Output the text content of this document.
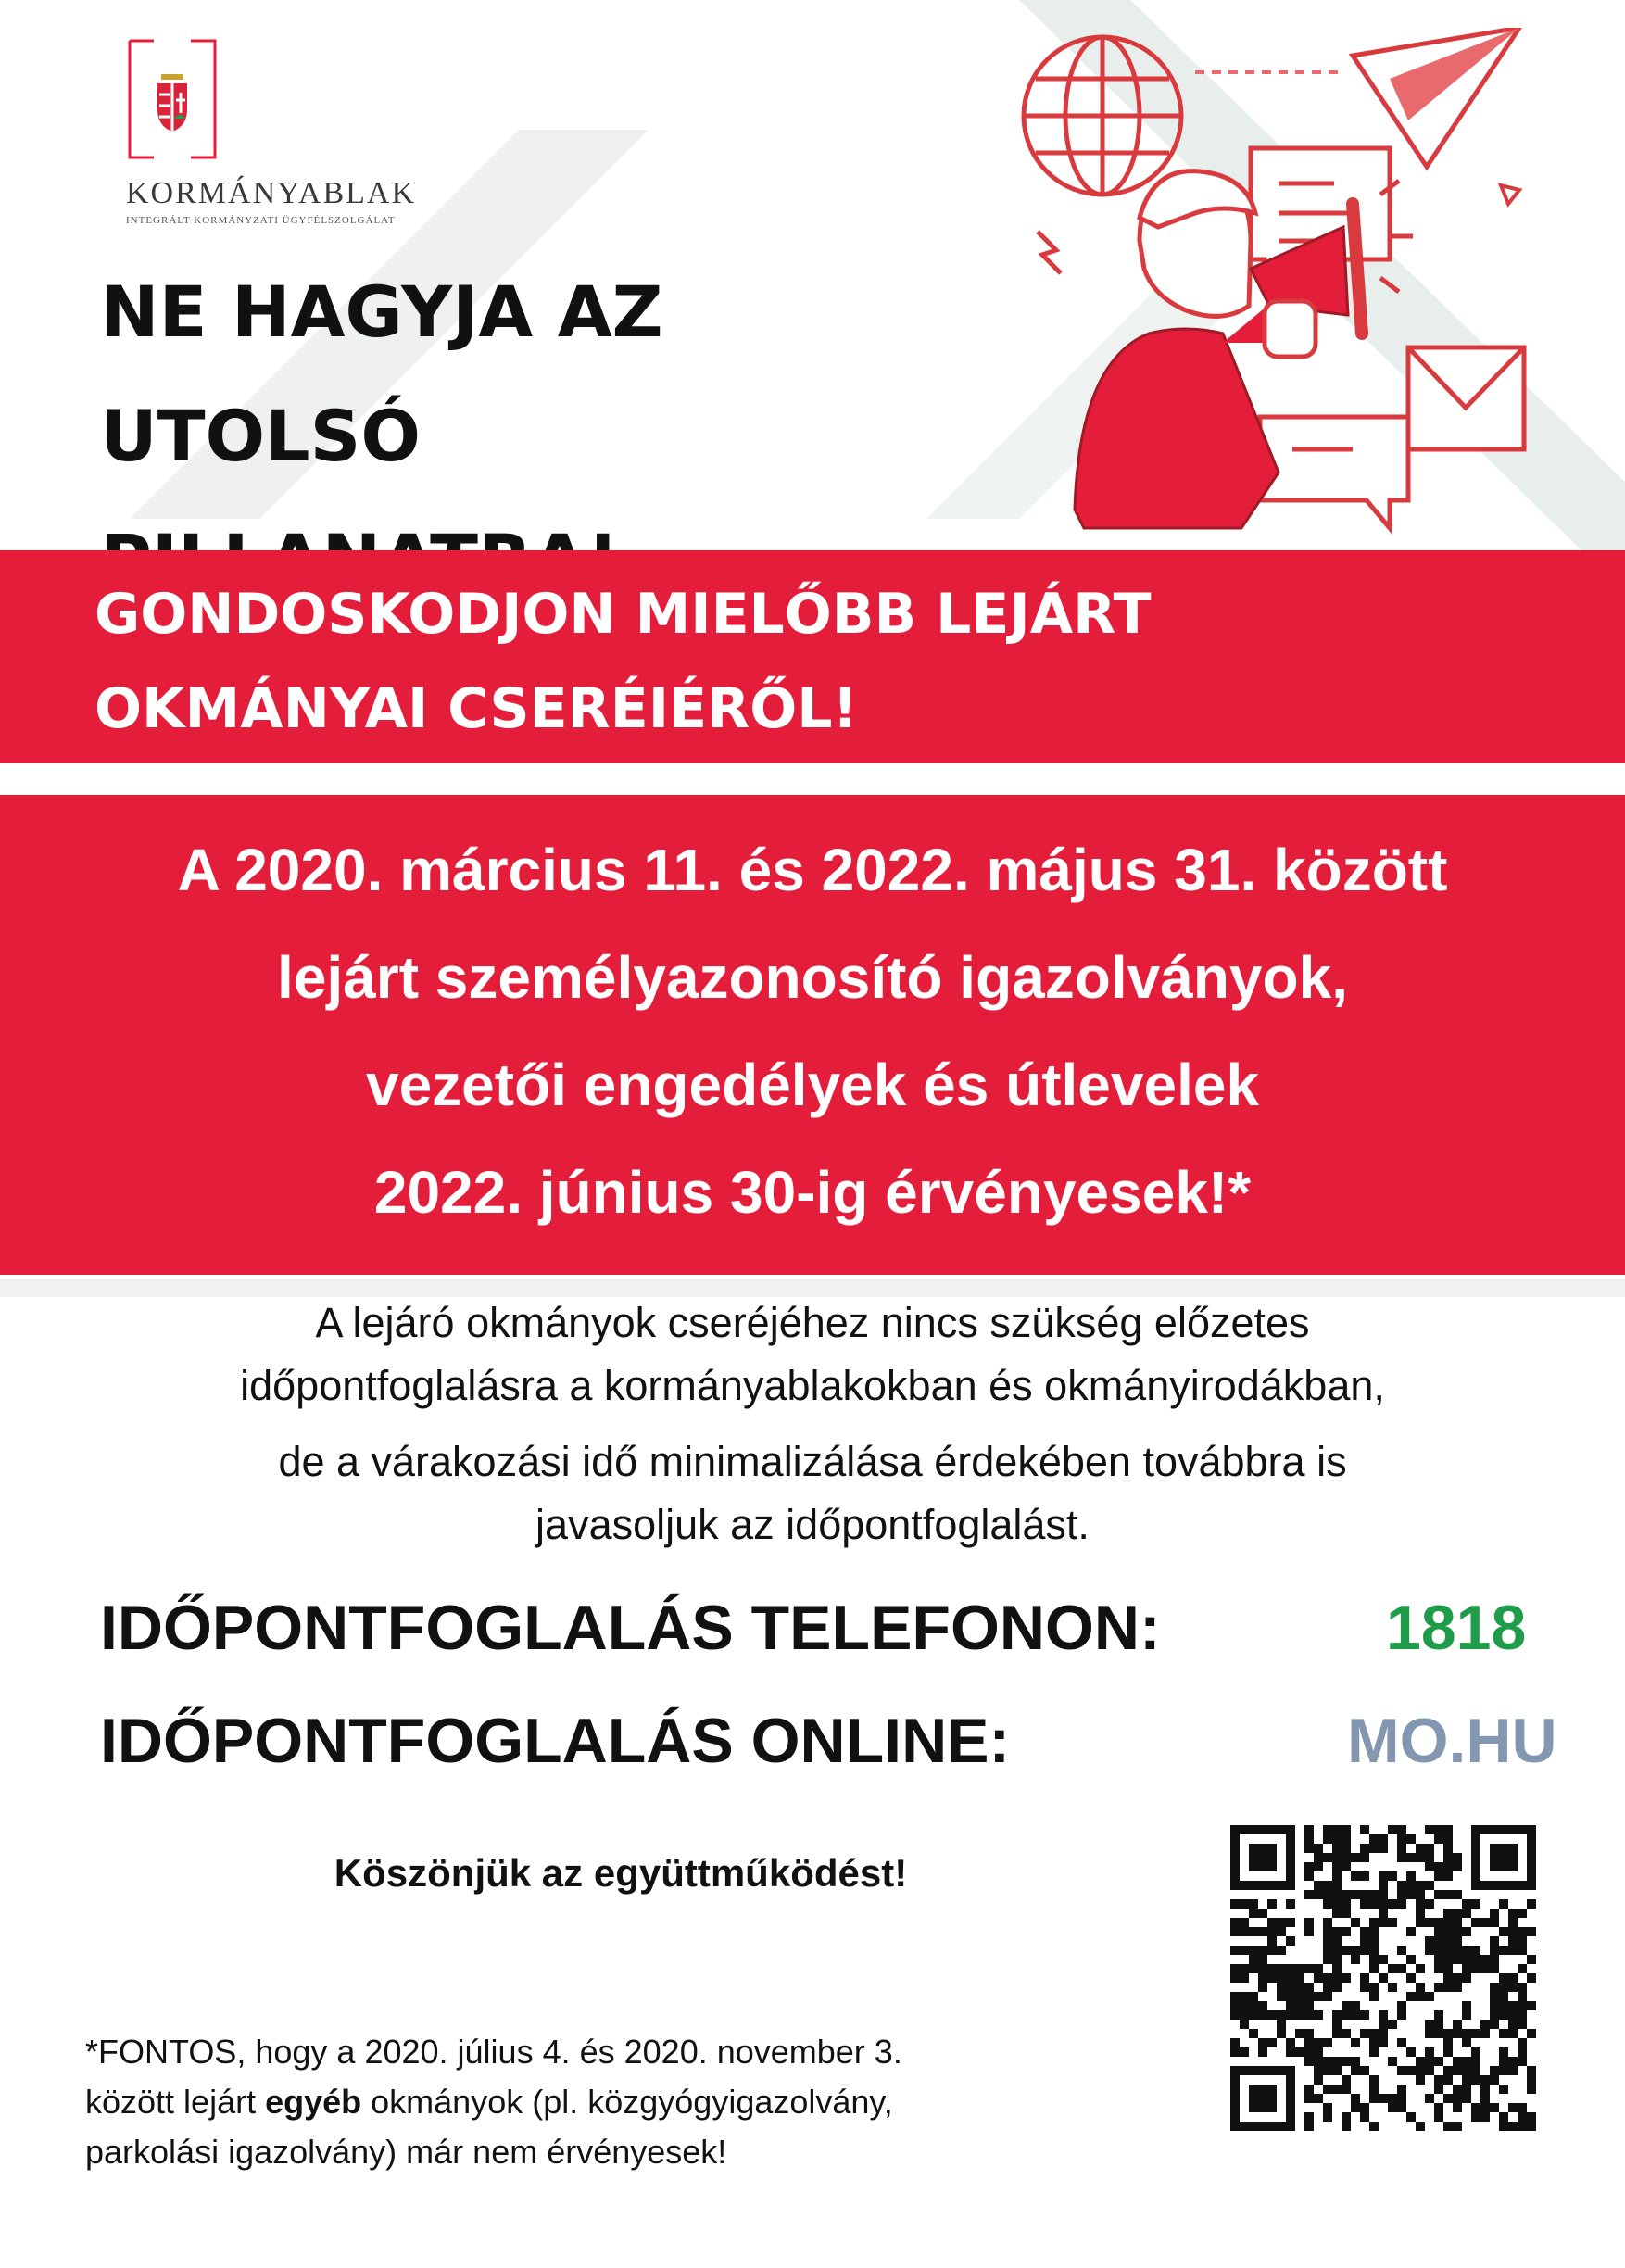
KORMÁNYABLAK
INTEGRÁLT KORMÁNYZATI ÜGYFÉLSZOLGÁLAT
NE HAGYJA AZ
UTOLSÓ
GONDOSKODJON MIELŐBB LEJÁRT
OKMÁNYAI CSERÉIÉRŐL!
A 2020. március 11. és 2022. május 31. között
lejárt személyazonosító igazolványok,
vezetői engedélyek és útlevelek
2022. június 30-ig érvényesek!*
A lejáró okmányok cseréjéhez nincs szükség előzetes
időpontfoglalásra a kormányablakokban és okmányirodákban,
de a várakozási idő minimalizálása érdekében továbbra is
javasoljuk az időpontfoglalást.
IDŐPONTFOGLALÁS TELEFONON:	1818
IDŐPONTFOGLALÁS ONLINE:	MO.HU
Köszönjük az együttműködést!
*FONTOS, hogy a 2020. július 4. és 2020. november 3.
között lejárt egyéb okmányok (pl. közgyógyigazolvány,
parkolási igazolvány) már nem érvényesek!
